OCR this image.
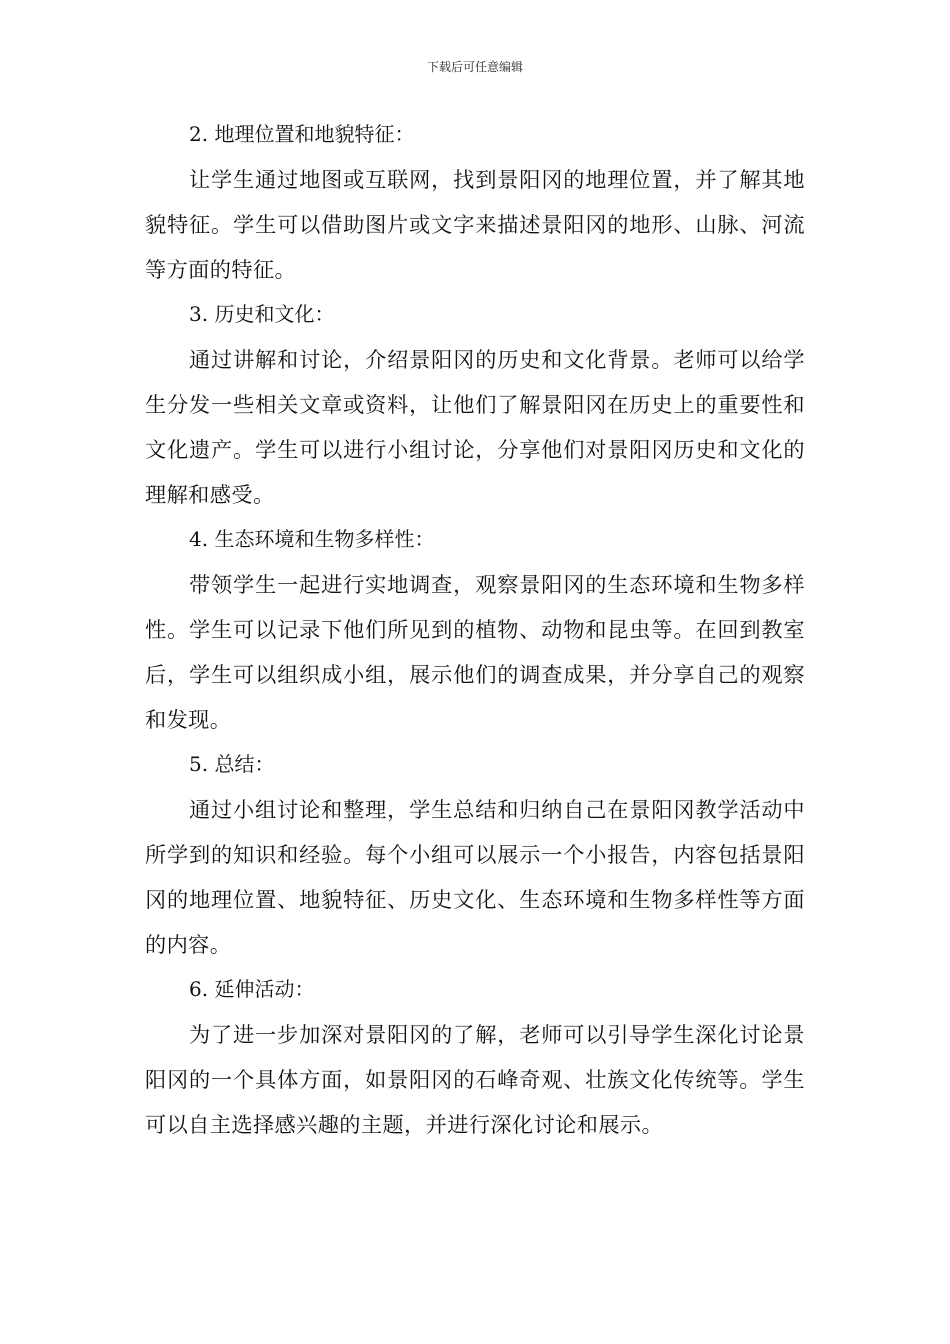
下载后可任意编辑

2. 地理位置和地貌特征：

让学生通过地图或互联网，找到景阳冈的地理位置，并了解其地貌特征。学生可以借助图片或文字来描述景阳冈的地形、山脉、河流等方面的特征。

3. 历史和文化：

通过讲解和讨论，介绍景阳冈的历史和文化背景。老师可以给学生分发一些相关文章或资料，让他们了解景阳冈在历史上的重要性和文化遗产。学生可以进行小组讨论，分享他们对景阳冈历史和文化的理解和感受。

4. 生态环境和生物多样性：

带领学生一起进行实地调查，观察景阳冈的生态环境和生物多样性。学生可以记录下他们所见到的植物、动物和昆虫等。在回到教室后，学生可以组织成小组，展示他们的调查成果，并分享自己的观察和发现。

5. 总结：

通过小组讨论和整理，学生总结和归纳自己在景阳冈教学活动中所学到的知识和经验。每个小组可以展示一个小报告，内容包括景阳冈的地理位置、地貌特征、历史文化、生态环境和生物多样性等方面的内容。

6. 延伸活动：

为了进一步加深对景阳冈的了解，老师可以引导学生深化讨论景阳冈的一个具体方面，如景阳冈的石峰奇观、壮族文化传统等。学生可以自主选择感兴趣的主题，并进行深化讨论和展示。
